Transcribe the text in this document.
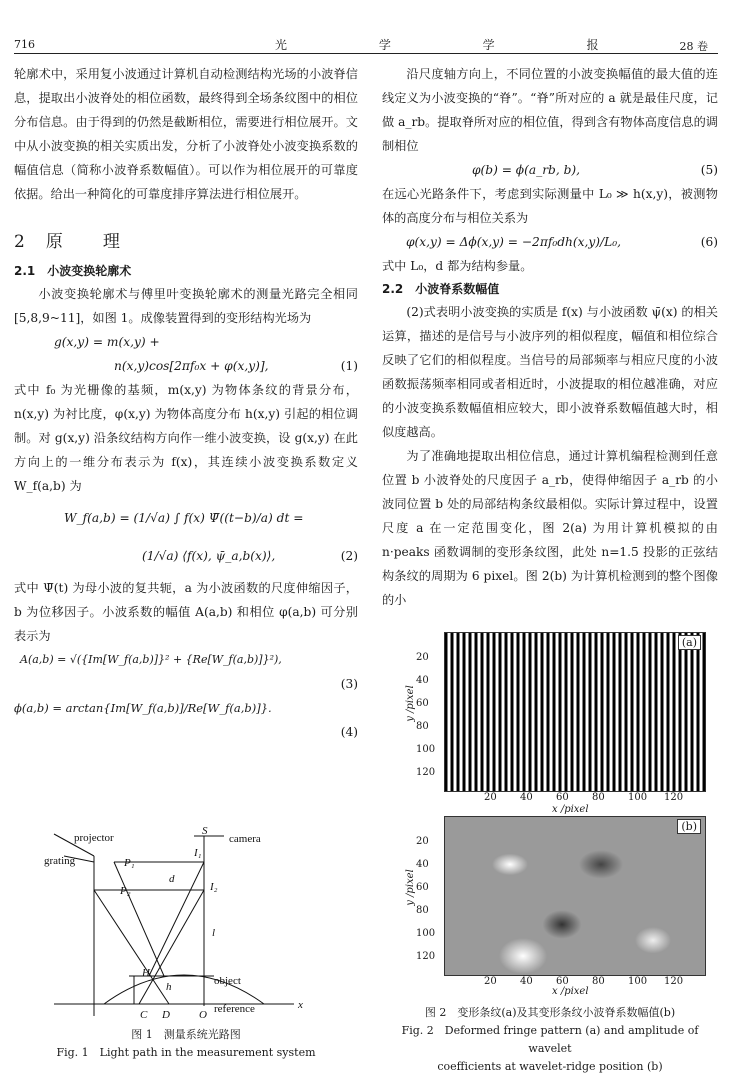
716	光 学 学 报	28 卷

轮廓术中，采用复小波通过计算机自动检测结构光场的小波脊信息，提取出小波脊处的相位函数，最终得到全场条纹图中的相位分布信息。由于得到的仍然是截断相位，需要进行相位展开。文中从小波变换的相关实质出发，分析了小波脊处小波变换系数的幅值信息（简称小波脊系数幅值）。可以作为相位展开的可靠度依据。给出一种简化的可靠度排序算法进行相位展开。

2　原　　理
2.1　小波变换轮廓术

小波变换轮廓术与傅里叶变换轮廓术的测量光路完全相同[5,8,9~11]，如图 1。成像装置得到的变形结构光场为

g(x,y) = m(x,y) +
n(x,y)cos[2πf₀x + φ(x,y)],	(1)

式中 f₀ 为光栅像的基频，m(x,y) 为物体条纹的背景分布，n(x,y) 为衬比度，φ(x,y) 为物体高度分布 h(x,y) 引起的相位调制。对 g(x,y) 沿条纹结构方向作一维小波变换，设 g(x,y) 在此方向上的一维分布表示为 f(x)，其连续小波变换系数定义 W_f(a,b) 为

W_f(a,b) = (1/√a) ∫ f(x) Ψ̄((t−b)/a) dt =
(1/√a) ⟨f(x), ψ̄_a,b(x)⟩,	(2)

式中 Ψ̄(t) 为母小波的复共轭，a 为小波函数的尺度伸缩因子，b 为位移因子。小波系数的幅值 A(a,b) 和相位 φ(a,b) 可分别表示为

A(a,b) = √({Im[W_f(a,b)]}² + {Re[W_f(a,b)]}²),
(3)
ϕ(a,b) = arctan{Im[W_f(a,b)]/Re[W_f(a,b)]}.
(4)
projector
grating
camera
object
reference
S
I₁
I₂
P₁
P₂
d
l
H
h
C D	O
x
图 1　测量系统光路图
Fig. 1　Light path in the measurement system

沿尺度轴方向上，不同位置的小波变换幅值的最大值的连线定义为小波变换的“脊”。“脊”所对应的 a 就是最佳尺度，记做 a_rb。提取脊所对应的相位值，得到含有物体高度信息的调制相位

φ(b) = ϕ(a_rb, b),	(5)

在远心光路条件下，考虑到实际测量中 L₀ ≫ h(x,y)，被测物体的高度分布与相位关系为

φ(x,y) = Δϕ(x,y) = −2πf₀dh(x,y)/L₀,	(6)

式中 L₀，d 都为结构参量。

2.2　小波脊系数幅值

(2)式表明小波变换的实质是 f(x) 与小波函数 ψ̄(x) 的相关运算，描述的是信号与小波序列的相似程度，幅值和相位综合反映了它们的相似程度。当信号的局部频率与相应尺度的小波函数振荡频率相同或者相近时，小波提取的相位越准确，对应的小波变换系数幅值相应较大，即小波脊系数幅值越大时，相似度越高。

为了准确地提取出相位信息，通过计算机编程检测到任意位置 b 小波脊处的尺度因子 a_rb，使得伸缩因子 a_rb 的小波同位置 b 处的局部结构条纹最相似。实际计算过程中，设置尺度 a 在一定范围变化，图 2(a) 为用计算机模拟的由 n·peaks 函数调制的变形条纹图，此处 n=1.5 投影的正弦结构条纹的周期为 6 pixel。图 2(b) 为计算机检测到的整个图像的小

(a)
(b)
20
40
60
80
100
120
20 40 60 80 100 120
20
40
60
80
100
120
20 40 60 80 100 120
y /pixel
y /pixel
x /pixel
x /pixel
图 2　变形条纹(a)及其变形条纹小波脊系数幅值(b)
Fig. 2　Deformed fringe pattern (a) and amplitude of wavelet
coefficients at wavelet-ridge position (b)
